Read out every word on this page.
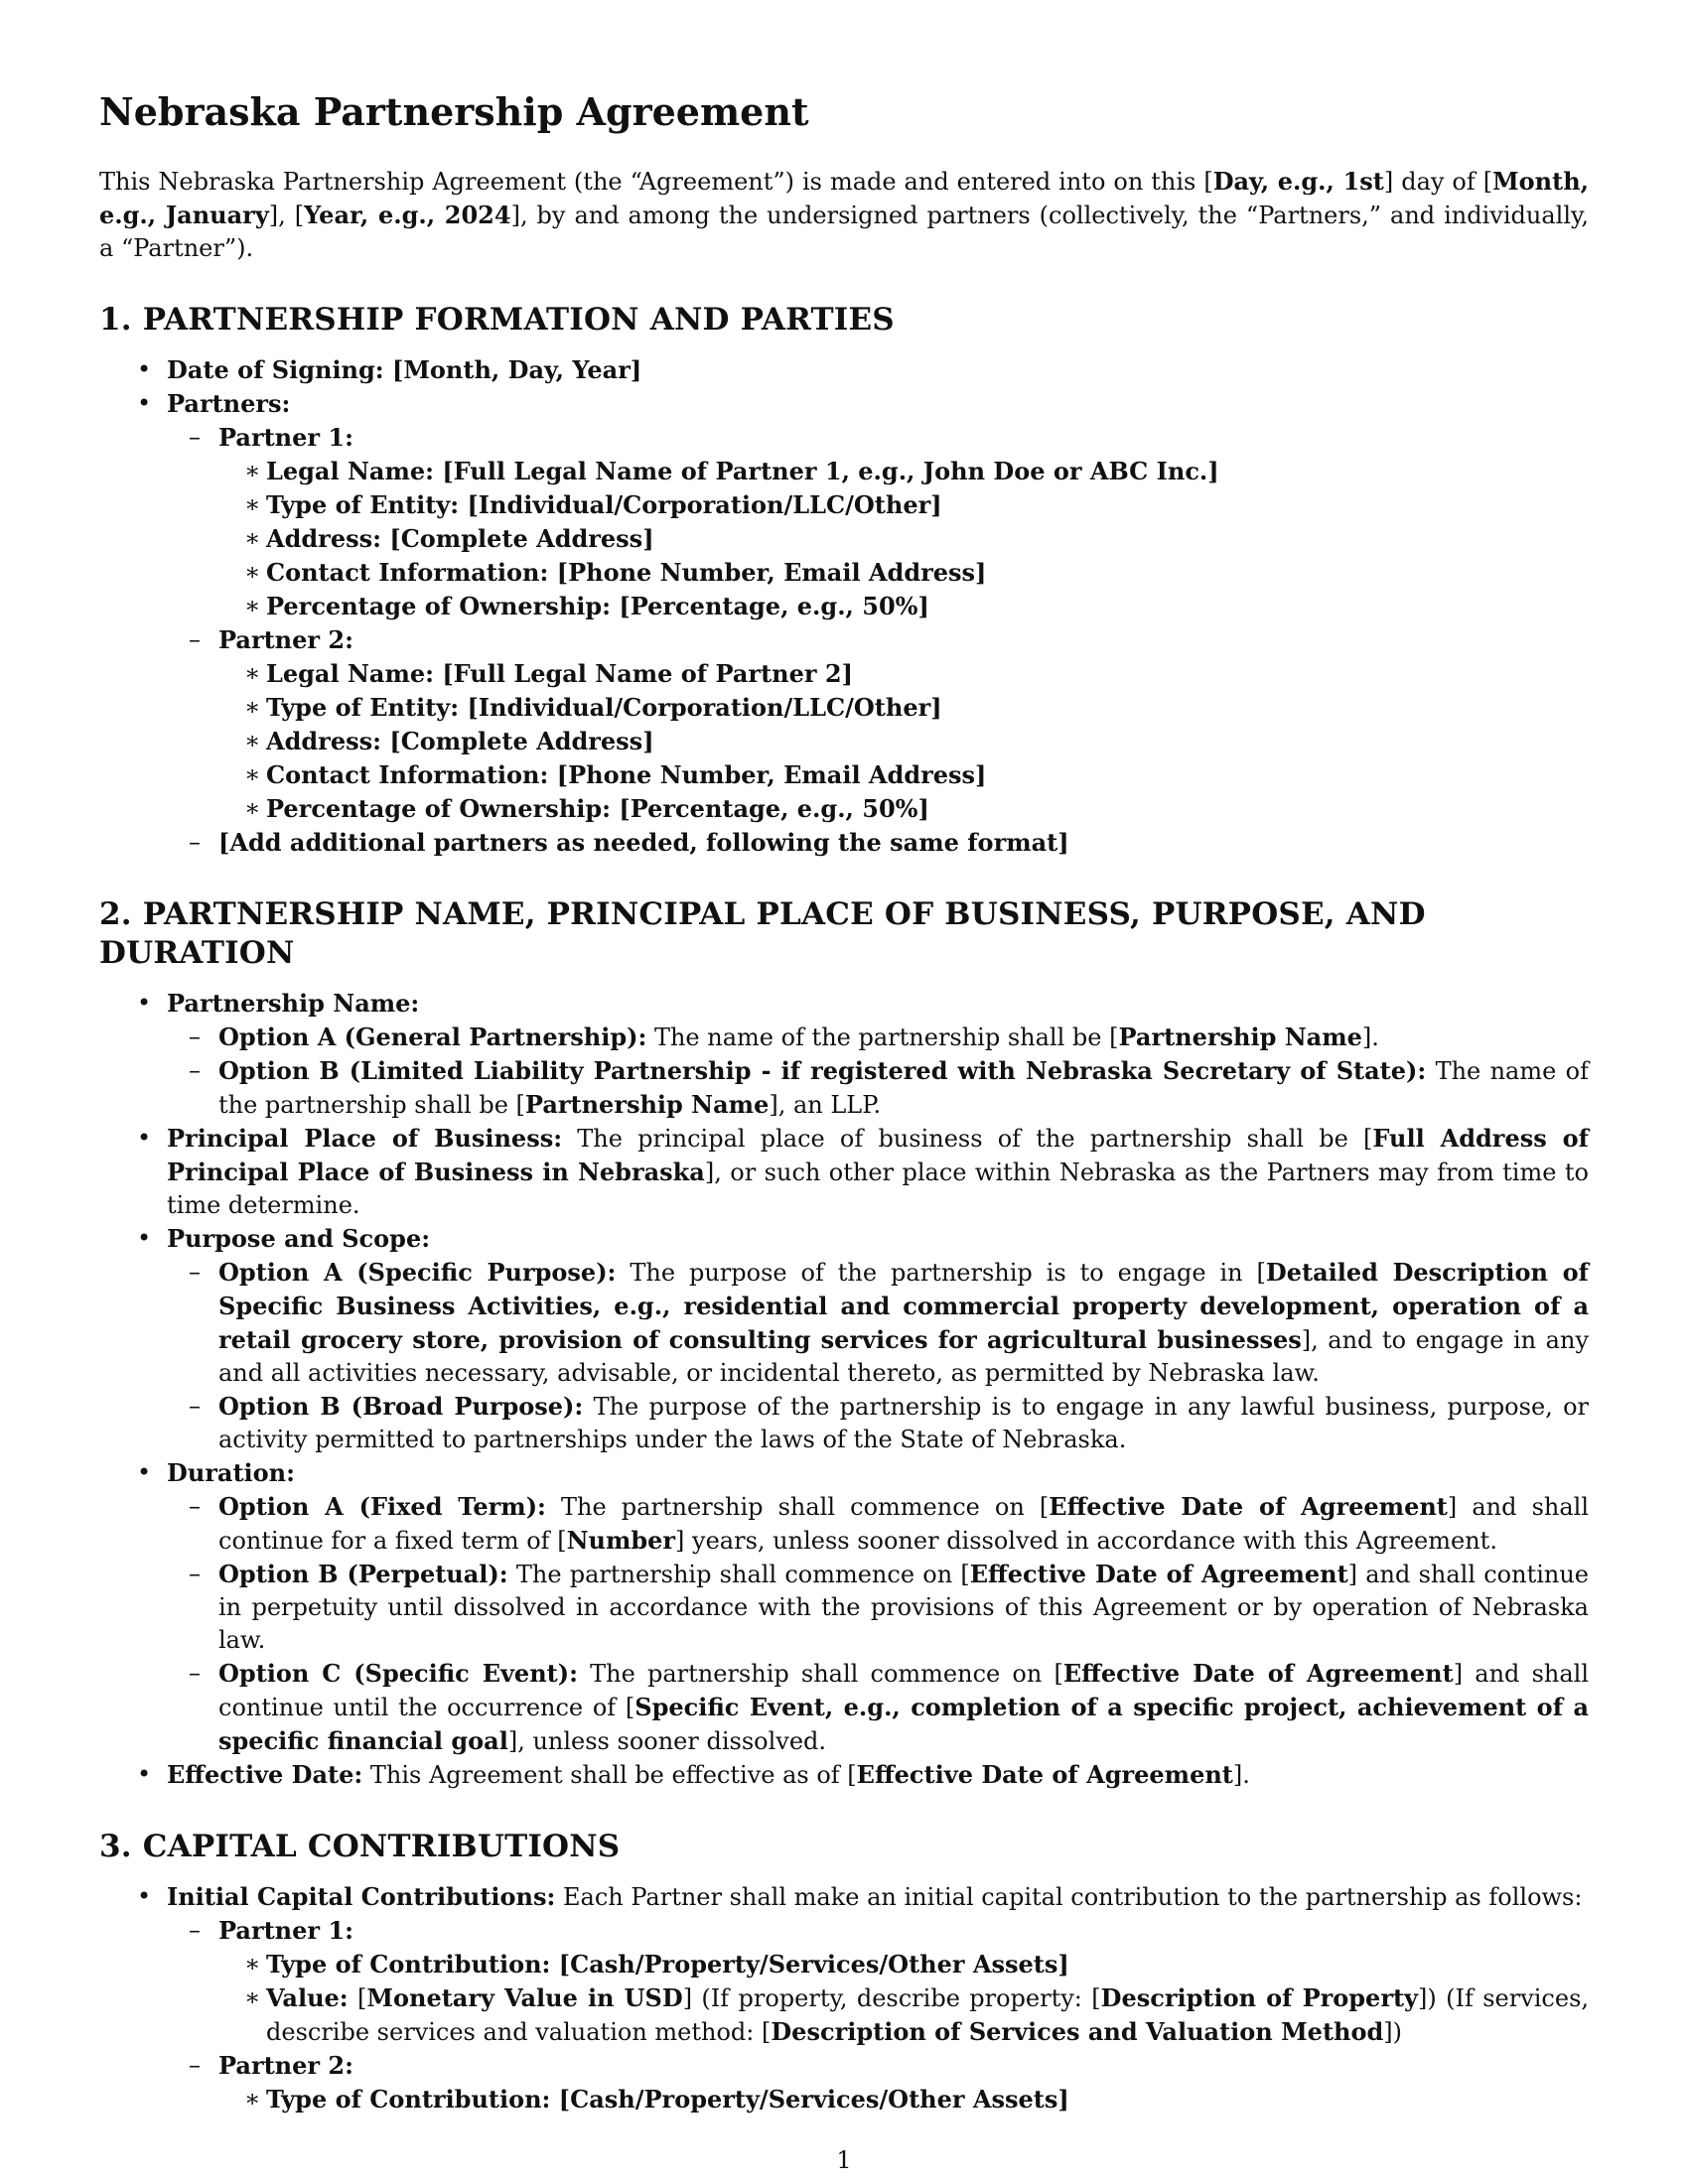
Nebraska Partnership Agreement

This Nebraska Partnership Agreement (the “Agreement”) is made and entered into on this [Day, e.g., 1st] day of [Month, e.g., January], [Year, e.g., 2024], by and among the undersigned partners (collectively, the “Partners,” and individually, a “Partner”).

1. PARTNERSHIP FORMATION AND PARTIES
• Date of Signing: [Month, Day, Year]
• Partners:
– Partner 1:
∗ Legal Name: [Full Legal Name of Partner 1, e.g., John Doe or ABC Inc.]
∗ Type of Entity: [Individual/Corporation/LLC/Other]
∗ Address: [Complete Address]
∗ Contact Information: [Phone Number, Email Address]
∗ Percentage of Ownership: [Percentage, e.g., 50%]
– Partner 2:
∗ Legal Name: [Full Legal Name of Partner 2]
∗ Type of Entity: [Individual/Corporation/LLC/Other]
∗ Address: [Complete Address]
∗ Contact Information: [Phone Number, Email Address]
∗ Percentage of Ownership: [Percentage, e.g., 50%]
– [Add additional partners as needed, following the same format]
2. PARTNERSHIP NAME, PRINCIPAL PLACE OF BUSINESS, PURPOSE, AND DURATION
• Partnership Name:
– Option A (General Partnership): The name of the partnership shall be [Partnership Name].
– Option B (Limited Liability Partnership - if registered with Nebraska Secretary of State): The name of the partnership shall be [Partnership Name], an LLP.
• Principal Place of Business: The principal place of business of the partnership shall be [Full Address of Principal Place of Business in Nebraska], or such other place within Nebraska as the Partners may from time to time determine.
• Purpose and Scope:
– Option A (Specific Purpose): The purpose of the partnership is to engage in [Detailed Description of Specific Business Activities, e.g., residential and commercial property development, operation of a retail grocery store, provision of consulting services for agricultural businesses], and to engage in any and all activities necessary, advisable, or incidental thereto, as permitted by Nebraska law.
– Option B (Broad Purpose): The purpose of the partnership is to engage in any lawful business, purpose, or activity permitted to partnerships under the laws of the State of Nebraska.
• Duration:
– Option A (Fixed Term): The partnership shall commence on [Effective Date of Agreement] and shall continue for a fixed term of [Number] years, unless sooner dissolved in accordance with this Agreement.
– Option B (Perpetual): The partnership shall commence on [Effective Date of Agreement] and shall continue in perpetuity until dissolved in accordance with the provisions of this Agreement or by operation of Nebraska law.
– Option C (Specific Event): The partnership shall commence on [Effective Date of Agreement] and shall continue until the occurrence of [Specific Event, e.g., completion of a specific project, achievement of a specific financial goal], unless sooner dissolved.
• Effective Date: This Agreement shall be effective as of [Effective Date of Agreement].
3. CAPITAL CONTRIBUTIONS
• Initial Capital Contributions: Each Partner shall make an initial capital contribution to the partnership as follows:
– Partner 1:
∗ Type of Contribution: [Cash/Property/Services/Other Assets]
∗ Value: [Monetary Value in USD] (If property, describe property: [Description of Property]) (If services, describe services and valuation method: [Description of Services and Valuation Method])
– Partner 2:
∗ Type of Contribution: [Cash/Property/Services/Other Assets]
1
